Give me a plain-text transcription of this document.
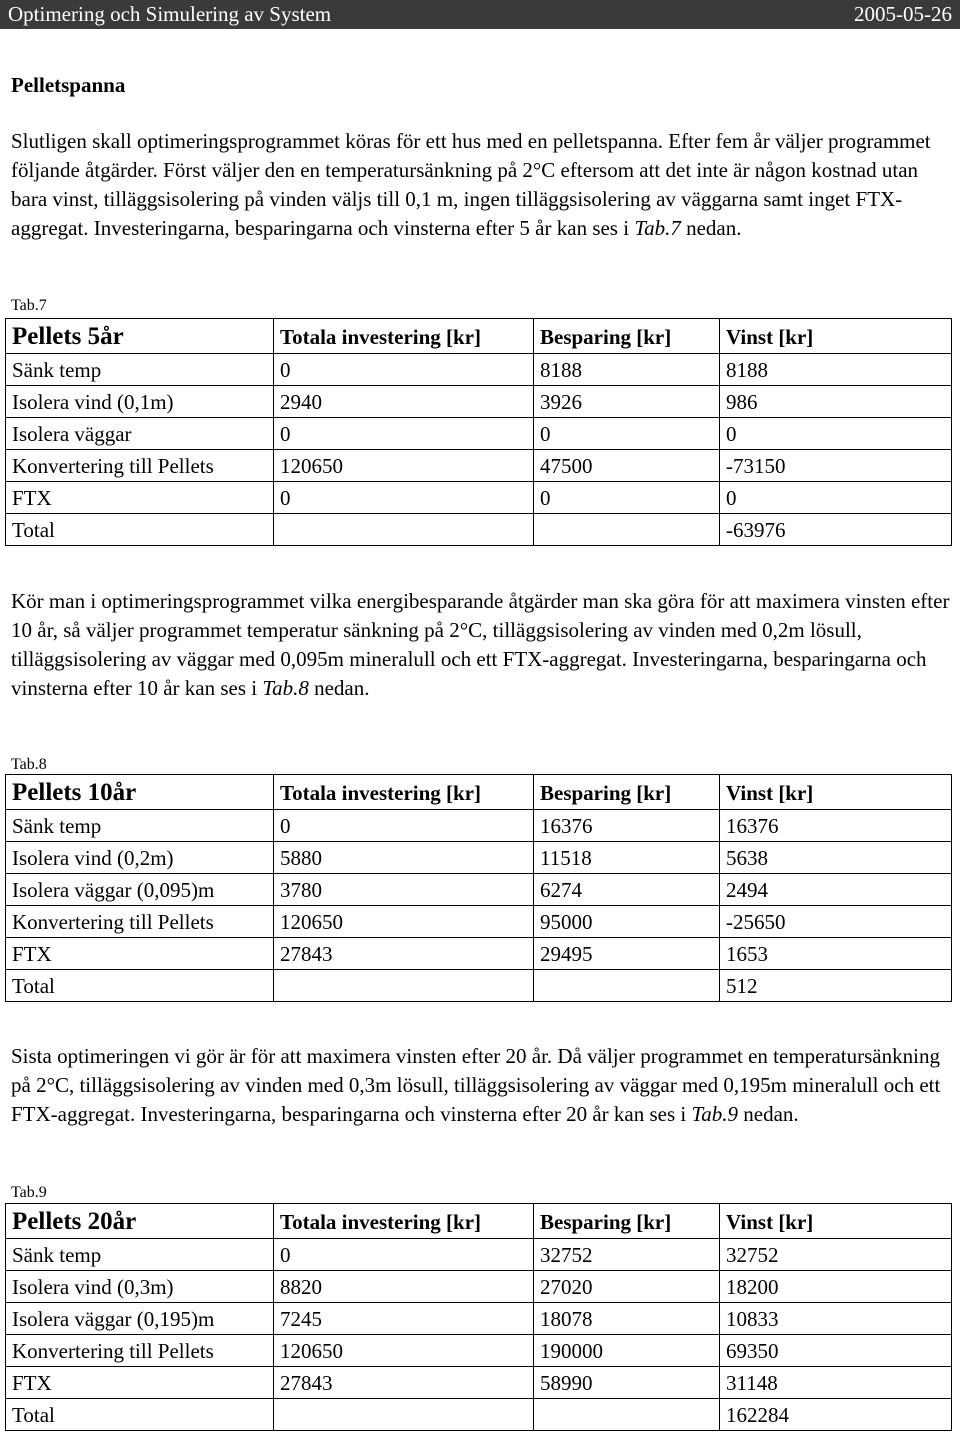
Optimering och Simulering av System	2005-05-26
Pelletspanna
Slutligen skall optimeringsprogrammet köras för ett hus med en pelletspanna. Efter fem år väljer programmet följande åtgärder. Först väljer den en temperatursänkning på 2°C eftersom att det inte är någon kostnad utan bara vinst, tilläggsisolering på vinden väljs till 0,1 m, ingen tilläggsisolering av väggarna samt inget FTX-aggregat. Investeringarna, besparingarna och vinsterna efter 5 år kan ses i Tab.7 nedan.
Tab.7
Pellets 5år	Totala investering [kr]	Besparing [kr]	Vinst [kr]
Sänk temp	0	8188	8188
Isolera vind (0,1m)	2940	3926	986
Isolera väggar	0	0	0
Konvertering till Pellets	120650	47500	-73150
FTX	0	0	0
Total			-63976
Kör man i optimeringsprogrammet vilka energibesparande åtgärder man ska göra för att maximera vinsten efter 10 år, så väljer programmet temperatur sänkning på 2°C, tilläggsisolering av vinden med 0,2m lösull, tilläggsisolering av väggar med 0,095m mineralull och ett FTX-aggregat. Investeringarna, besparingarna och vinsterna efter 10 år kan ses i Tab.8 nedan.
Tab.8
Pellets 10år	Totala investering [kr]	Besparing [kr]	Vinst [kr]
Sänk temp	0	16376	16376
Isolera vind (0,2m)	5880	11518	5638
Isolera väggar (0,095)m	3780	6274	2494
Konvertering till Pellets	120650	95000	-25650
FTX	27843	29495	1653
Total			512
Sista optimeringen vi gör är för att maximera vinsten efter 20 år. Då väljer programmet en temperatursänkning på 2°C, tilläggsisolering av vinden med 0,3m lösull, tilläggsisolering av väggar med 0,195m mineralull och ett FTX-aggregat. Investeringarna, besparingarna och vinsterna efter 20 år kan ses i Tab.9 nedan.
Tab.9
Pellets 20år	Totala investering [kr]	Besparing [kr]	Vinst [kr]
Sänk temp	0	32752	32752
Isolera vind (0,3m)	8820	27020	18200
Isolera väggar (0,195)m	7245	18078	10833
Konvertering till Pellets	120650	190000	69350
FTX	27843	58990	31148
Total			162284
